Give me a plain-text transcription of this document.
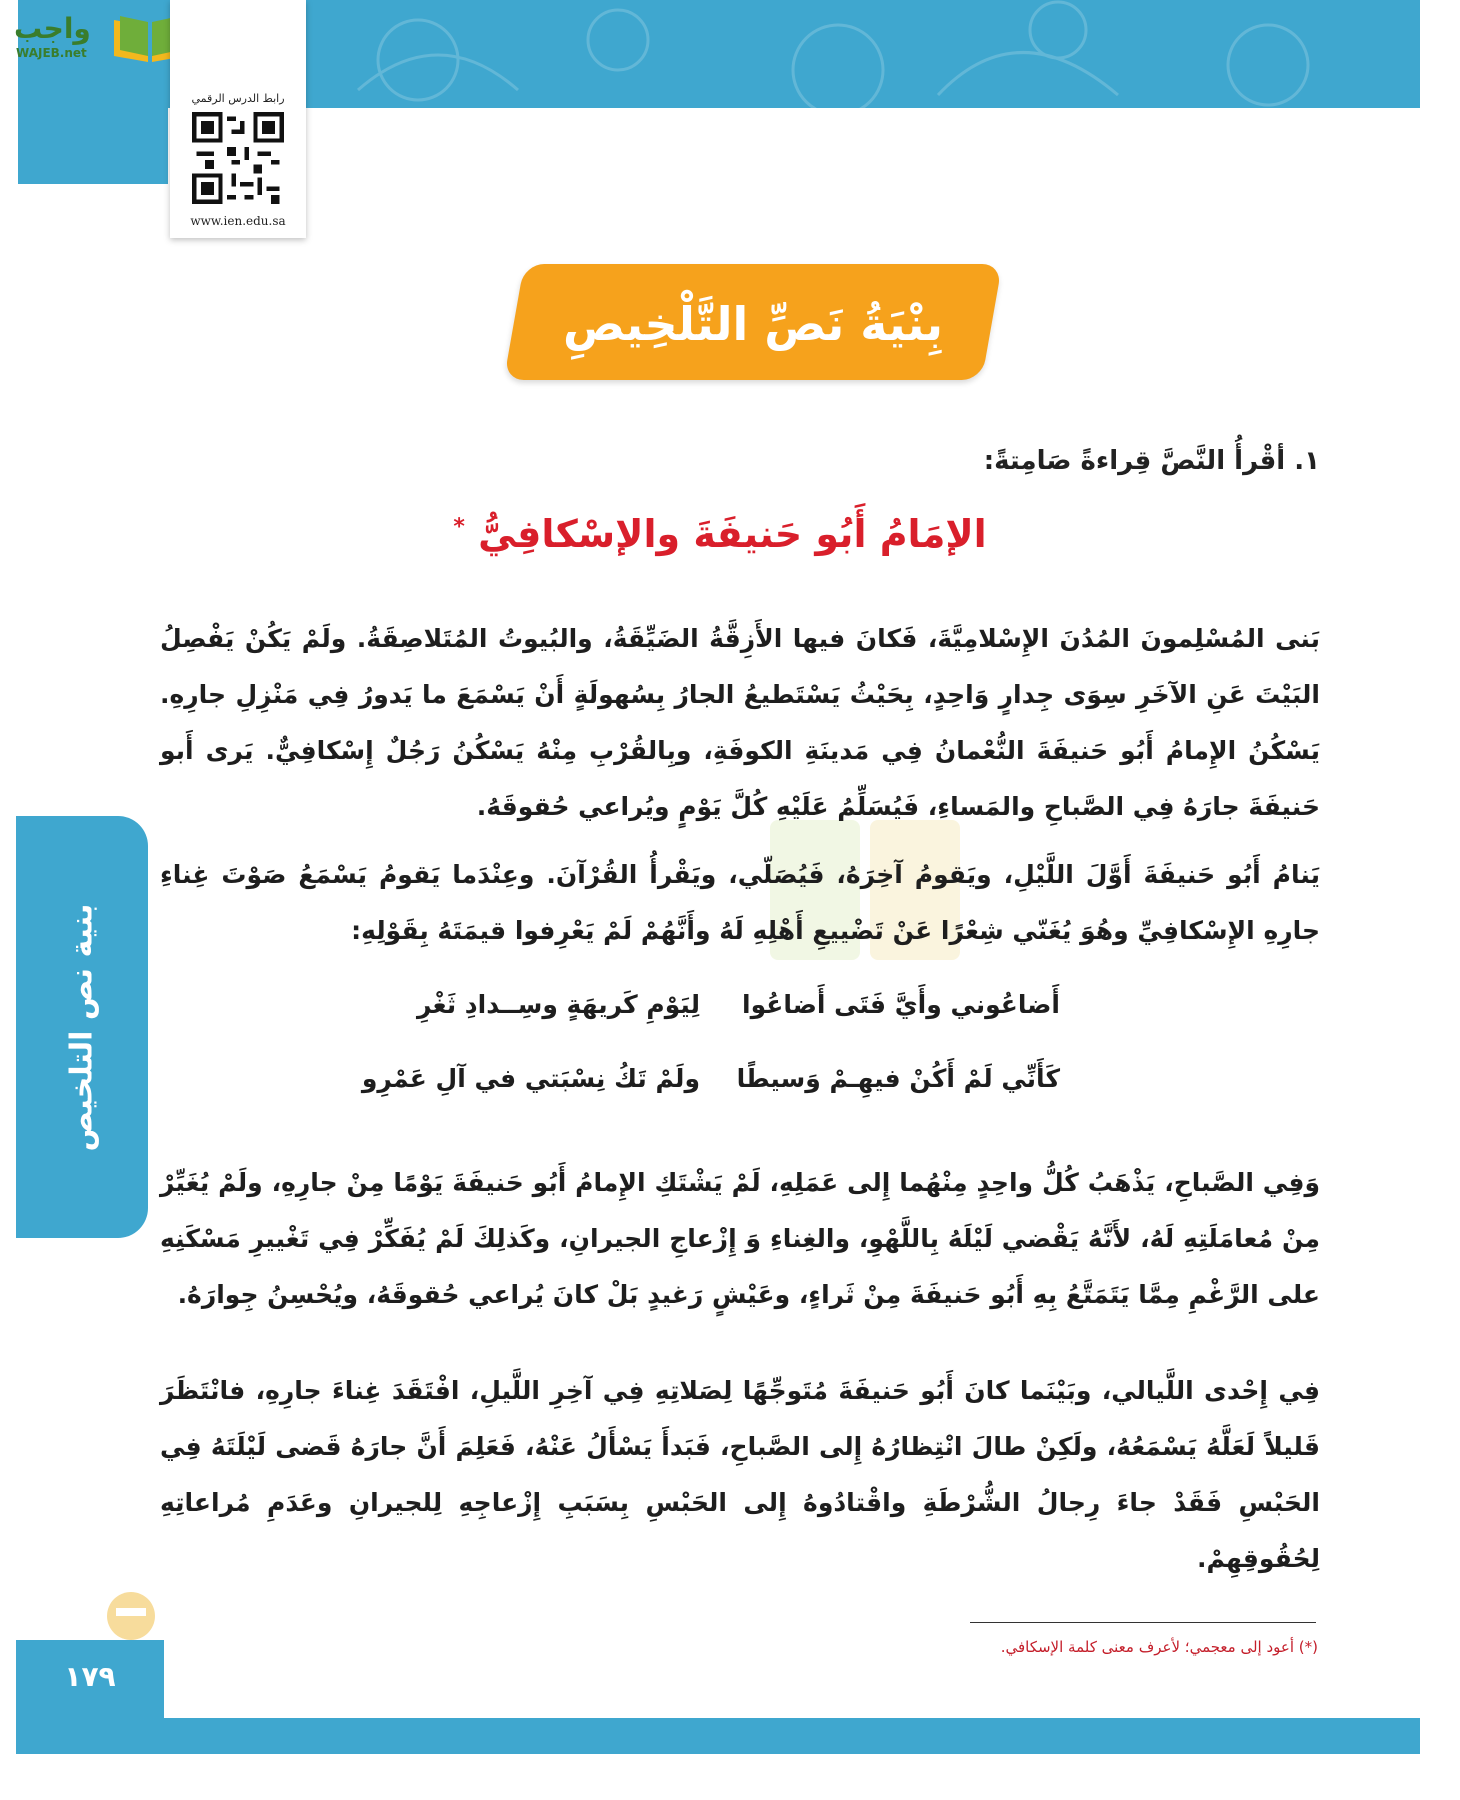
واجب
WAJEB.net
رابط الدرس الرقمي
www.ien.edu.sa
بِنْيَةُ نَصِّ التَّلْخِيصِ
بنية نص التلخيص
١. أقْرأُ النَّصَّ قِراءةً صَامِتةً:
الإمَامُ أَبُو حَنيفَةَ والإسْكافِيُّ *

بَنى المُسْلِمونَ المُدُنَ الإِسْلامِيَّةَ، فَكانَ فيها الأَزِقَّةُ الضَيِّقَةُ، والبُيوتُ المُتَلاصِقَةُ. ولَمْ يَكُنْ يَفْصِلُ البَيْتَ عَنِ الآخَرِ سِوَى جِدارٍ وَاحِدٍ، بِحَيْثُ يَسْتَطيعُ الجارُ بِسُهولَةٍ أَنْ يَسْمَعَ ما يَدورُ فِي مَنْزِلِ جارِهِ. يَسْكُنُ الإِمامُ أَبُو حَنيفَةَ النُّعْمانُ فِي مَدينَةِ الكوفَةِ، وبِالقُرْبِ مِنْهُ يَسْكُنُ رَجُلٌ إِسْكافِيٌّ. يَرى أَبو حَنيفَةَ جارَهُ فِي الصَّباحِ والمَساءِ، فَيُسَلِّمُ عَلَيْهِ كُلَّ يَوْمٍ ويُراعي حُقوقَهُ.

يَنامُ أَبُو حَنيفَةَ أَوَّلَ اللَّيْلِ، ويَقومُ آخِرَهُ، فَيُصَلّي، ويَقْرأُ القُرْآنَ. وعِنْدَما يَقومُ يَسْمَعُ صَوْتَ غِناءِ جارِهِ الإِسْكافِيِّ وهُوَ يُغَنّي شِعْرًا عَنْ تَضْييعِ أَهْلِهِ لَهُ وأَنَّهُمْ لَمْ يَعْرِفوا قيمَتَهُ بِقَوْلِهِ:

أَضاعُوني وأَيَّ فَتَى أَضاعُوا
لِيَوْمِ كَريهَةٍ وسِــدادِ ثَغْرِ
كَأَنِّي لَمْ أَكُنْ فيهِـمْ وَسيطًا
ولَمْ تَكُ نِسْبَتي في آلِ عَمْرِو

وَفِي الصَّباحِ، يَذْهَبُ كُلُّ واحِدٍ مِنْهُما إِلى عَمَلِهِ، لَمْ يَشْتَكِ الإِمامُ أَبُو حَنيفَةَ يَوْمًا مِنْ جارِهِ، ولَمْ يُغَيِّرْ مِنْ مُعامَلَتِهِ لَهُ، لأَنَّهُ يَقْضي لَيْلَهُ بِاللَّهْوِ، والغِناءِ وَ إِزْعاجِ الجيرانِ، وكَذلِكَ لَمْ يُفَكِّرْ فِي تَغْييرِ مَسْكَنِهِ على الرَّغْمِ مِمَّا يَتَمَتَّعُ بِهِ أَبُو حَنيفَةَ مِنْ ثَراءٍ، وعَيْشٍ رَغيدٍ بَلْ كانَ يُراعي حُقوقَهُ، ويُحْسِنُ جِوارَهُ.

فِي إِحْدى اللَّيالي، وبَيْنَما كانَ أَبُو حَنيفَةَ مُتَوجِّهًا لِصَلاتِهِ فِي آخِرِ اللَّيلِ، افْتَقَدَ غِناءَ جارِهِ، فانْتَظَرَ قَليلاً لَعَلَّهُ يَسْمَعُهُ، ولَكِنْ طالَ انْتِظارُهُ إِلى الصَّباحِ، فَبَدأَ يَسْأَلُ عَنْهُ، فَعَلِمَ أَنَّ جارَهُ قَضى لَيْلَتَهُ فِي الحَبْسِ فَقَدْ جاءَ رِجالُ الشُّرْطَةِ واقْتادُوهُ إِلى الحَبْسِ بِسَبَبِ إِزْعاجِهِ لِلجيرانِ وعَدَمِ مُراعاتِهِ لِحُقُوقِهِمْ.

(*) أعود إلى معجمي؛ لأعرف معنى كلمة الإسكافي.
١٧٩
